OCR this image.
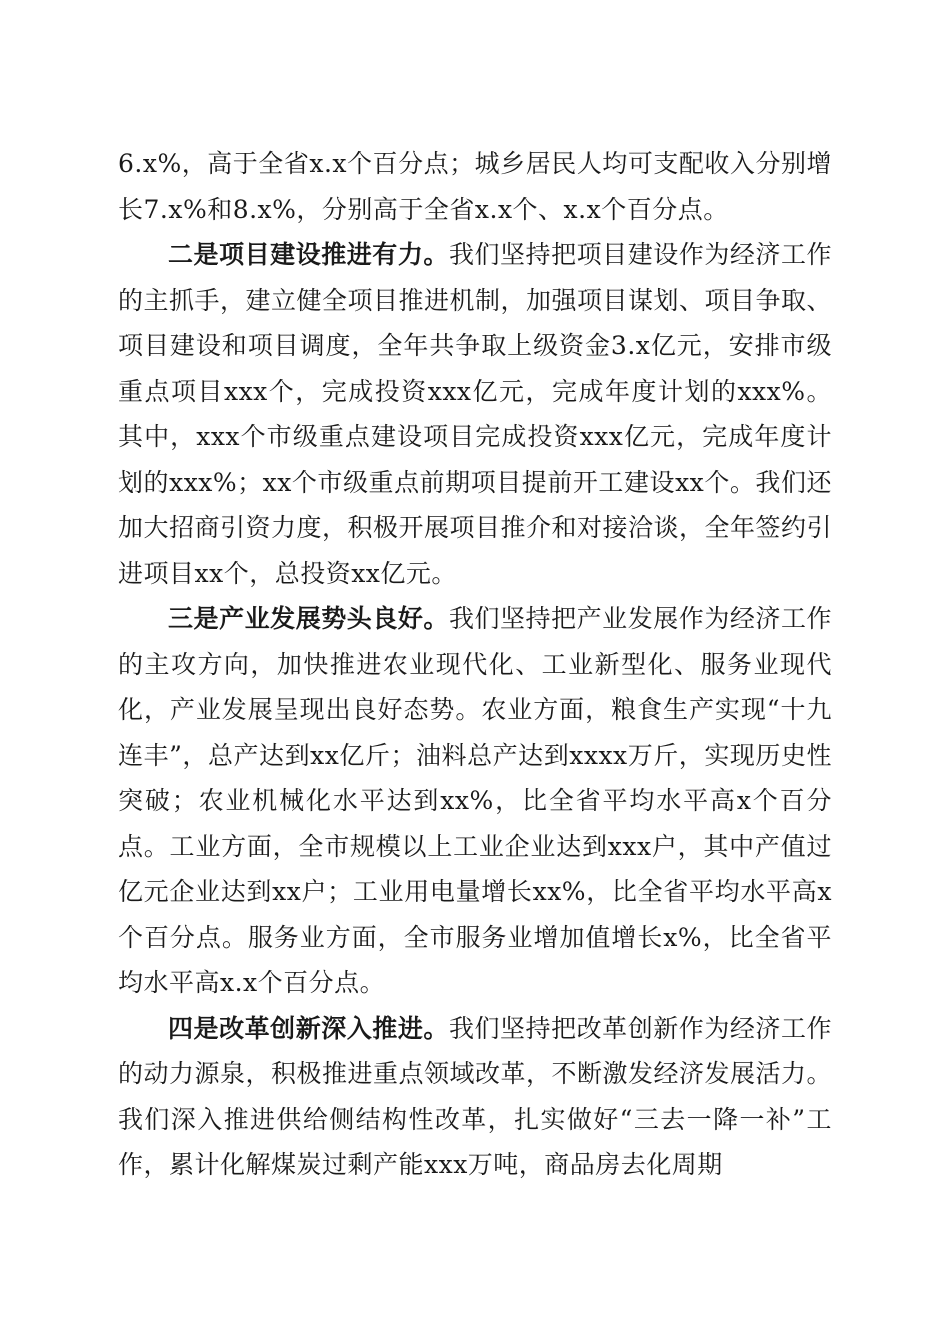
6.x%，高于全省x.x个百分点；城乡居民人均可支配收入分别增长7.x%和8.x%，分别高于全省x.x个、x.x个百分点。

二是项目建设推进有力。我们坚持把项目建设作为经济工作的主抓手，建立健全项目推进机制，加强项目谋划、项目争取、项目建设和项目调度，全年共争取上级资金3.x亿元，安排市级重点项目xxx个，完成投资xxx亿元，完成年度计划的xxx%。其中，xxx个市级重点建设项目完成投资xxx亿元，完成年度计划的xxx%；xx个市级重点前期项目提前开工建设xx个。我们还加大招商引资力度，积极开展项目推介和对接洽谈，全年签约引进项目xx个，总投资xx亿元。

三是产业发展势头良好。我们坚持把产业发展作为经济工作的主攻方向，加快推进农业现代化、工业新型化、服务业现代化，产业发展呈现出良好态势。农业方面，粮食生产实现“十九连丰”，总产达到xx亿斤；油料总产达到xxxx万斤，实现历史性突破；农业机械化水平达到xx%，比全省平均水平高x个百分点。工业方面，全市规模以上工业企业达到xxx户，其中产值过亿元企业达到xx户；工业用电量增长xx%，比全省平均水平高x个百分点。服务业方面，全市服务业增加值增长x%，比全省平均水平高x.x个百分点。

四是改革创新深入推进。我们坚持把改革创新作为经济工作的动力源泉，积极推进重点领域改革，不断激发经济发展活力。我们深入推进供给侧结构性改革，扎实做好“三去一降一补”工作，累计化解煤炭过剩产能xxx万吨，商品房去化周期
